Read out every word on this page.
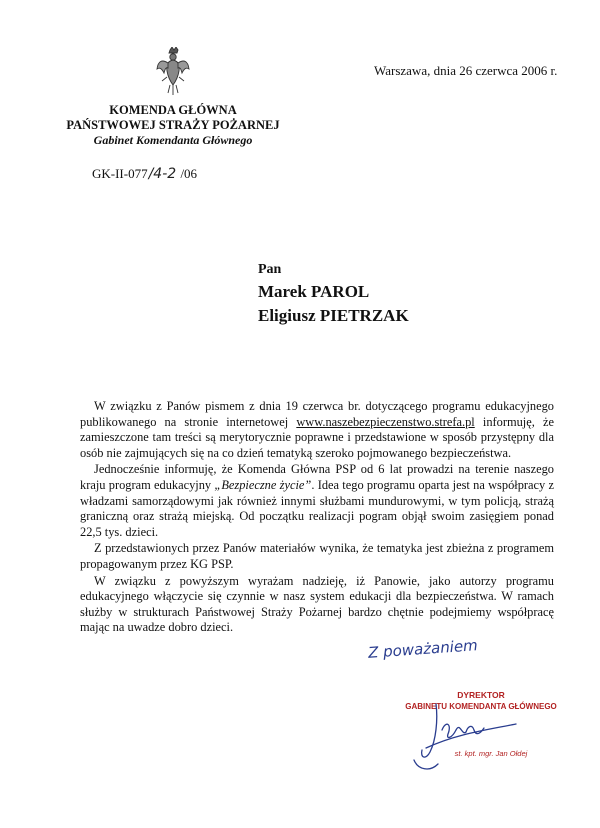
Warszawa, dnia 26 czerwca 2006 r.
KOMENDA GŁÓWNA
PAŃSTWOWEJ STRAŻY POŻARNEJ
Gabinet Komendanta Głównego
GK-II-077/4-2 /06
Pan
Marek PAROL
Eligiusz PIETRZAK

W związku z Panów pismem z dnia 19 czerwca br. dotyczącego programu edukacyjnego publikowanego na stronie internetowej www.naszebezpieczenstwo.strefa.pl informuję, że zamieszczone tam treści są merytorycznie poprawne i przedstawione w sposób przystępny dla osób nie zajmujących się na co dzień tematyką szeroko pojmowanego bezpieczeństwa.

Jednocześnie informuję, że Komenda Główna PSP od 6 lat prowadzi na terenie naszego kraju program edukacyjny „Bezpieczne życie”. Idea tego programu oparta jest na współpracy z władzami samorządowymi jak również innymi służbami mundurowymi, w tym policją, strażą graniczną oraz strażą miejską. Od początku realizacji pogram objął swoim zasięgiem ponad 22,5 tys. dzieci.

Z przedstawionych przez Panów materiałów wynika, że tematyka jest zbieżna z programem propagowanym przez KG PSP.

W związku z powyższym wyrażam nadzieję, iż Panowie, jako autorzy programu edukacyjnego włączycie się czynnie w nasz system edukacji dla bezpieczeństwa. W ramach służby w strukturach Państwowej Straży Pożarnej bardzo chętnie podejmiemy współpracę mając na uwadze dobro dzieci.

Z poważaniem
DYREKTOR
GABINETU KOMENDANTA GŁÓWNEGO
st. kpt. mgr. Jan Ołdej
